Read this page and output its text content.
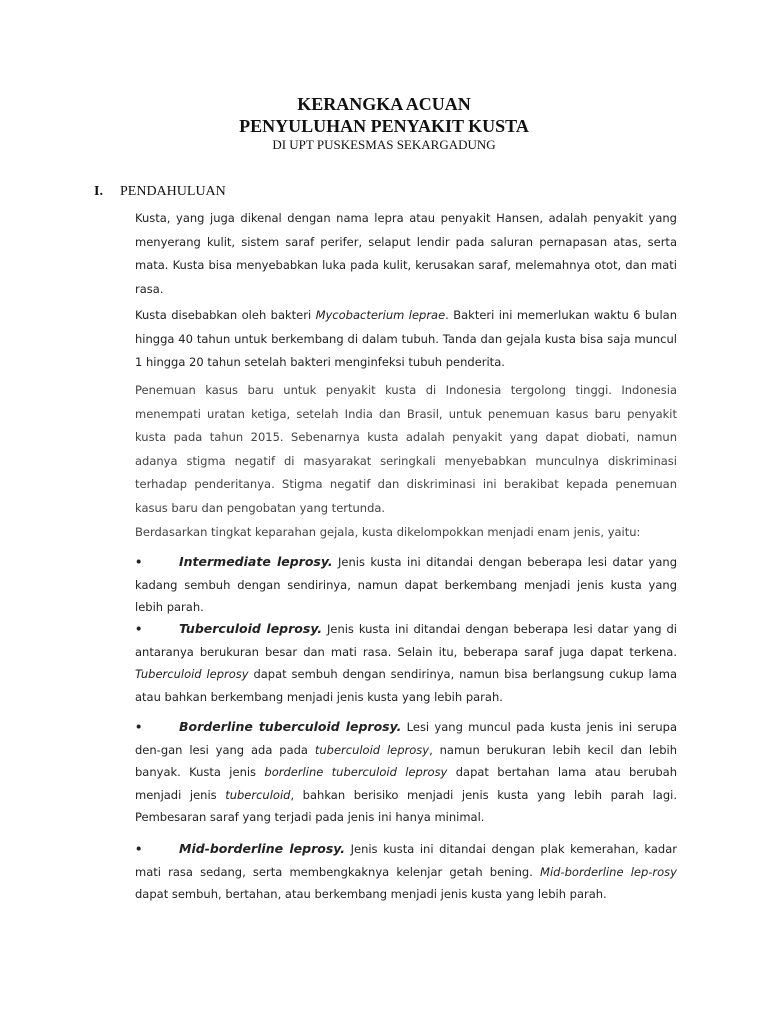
KERANGKA ACUAN
PENYULUHAN PENYAKIT KUSTA
DI UPT PUSKESMAS SEKARGADUNG
I. PENDAHULUAN
Kusta, yang juga dikenal dengan nama lepra atau penyakit Hansen, adalah penyakit yang menyerang kulit, sistem saraf perifer, selaput lendir pada saluran pernapasan atas, serta mata. Kusta bisa menyebabkan luka pada kulit, kerusakan saraf, melemahnya otot, dan mati rasa.
Kusta disebabkan oleh bakteri Mycobacterium leprae. Bakteri ini memerlukan waktu 6 bulan hingga 40 tahun untuk berkembang di dalam tubuh. Tanda dan gejala kusta bisa saja muncul 1 hingga 20 tahun setelah bakteri menginfeksi tubuh penderita.
Penemuan kasus baru untuk penyakit kusta di Indonesia tergolong tinggi. Indonesia menempati uratan ketiga, setelah India dan Brasil, untuk penemuan kasus baru penyakit kusta pada tahun 2015. Sebenarnya kusta adalah penyakit yang dapat diobati, namun adanya stigma negatif di masyarakat seringkali menyebabkan munculnya diskriminasi terhadap penderitanya. Stigma negatif dan diskriminasi ini berakibat kepada penemuan kasus baru dan pengobatan yang tertunda.
Berdasarkan tingkat keparahan gejala, kusta dikelompokkan menjadi enam jenis, yaitu:
•	Intermediate leprosy. Jenis kusta ini ditandai dengan beberapa lesi datar yang kadang sembuh dengan sendirinya, namun dapat berkembang menjadi jenis kusta yang lebih parah.
•	Tuberculoid leprosy. Jenis kusta ini ditandai dengan beberapa lesi datar yang di antaranya berukuran besar dan mati rasa. Selain itu, beberapa saraf juga dapat terkena. Tuberculoid leprosy dapat sembuh dengan sendirinya, namun bisa berlangsung cukup lama atau bahkan berkembang menjadi jenis kusta yang lebih parah.
•	Borderline tuberculoid leprosy. Lesi yang muncul pada kusta jenis ini serupa den-gan lesi yang ada pada tuberculoid leprosy, namun berukuran lebih kecil dan lebih banyak. Kusta jenis borderline tuberculoid leprosy dapat bertahan lama atau berubah menjadi jenis tuberculoid, bahkan berisiko menjadi jenis kusta yang lebih parah lagi. Pembesaran saraf yang terjadi pada jenis ini hanya minimal.
•	Mid-borderline leprosy. Jenis kusta ini ditandai dengan plak kemerahan, kadar mati rasa sedang, serta membengkaknya kelenjar getah bening. Mid-borderline lep-rosy dapat sembuh, bertahan, atau berkembang menjadi jenis kusta yang lebih parah.
